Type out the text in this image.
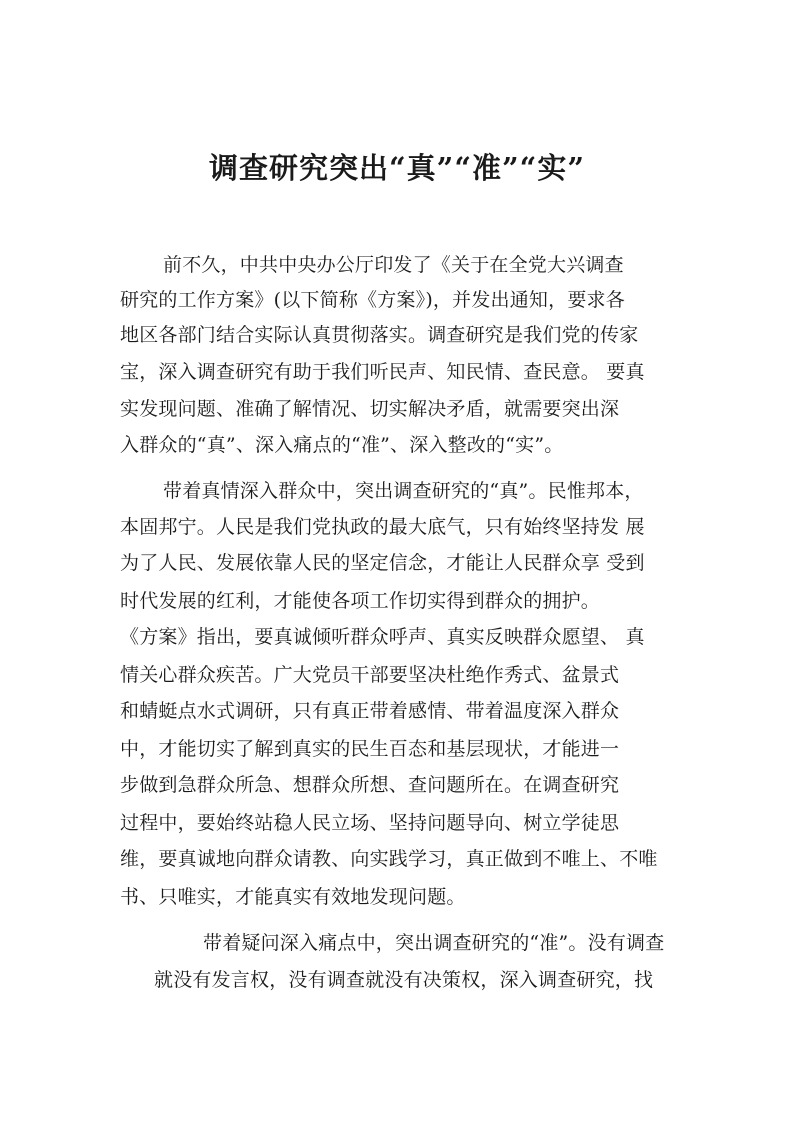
调查研究突出“真”“准”“实”

前不久，中共中央办公厅印发了《关于在全党大兴调查

研究的工作方案》(以下简称《方案》)，并发出通知，要求各

地区各部门结合实际认真贯彻落实。调查研究是我们党的传家

宝，深入调查研究有助于我们听民声、知民情、查民意。 要真

实发现问题、准确了解情况、切实解决矛盾，就需要突出深

入群众的“真”、深入痛点的“准”、深入整改的“实”。

带着真情深入群众中，突出调查研究的“真”。民惟邦本，

本固邦宁。人民是我们党执政的最大底气，只有始终坚持发 展

为了人民、发展依靠人民的坚定信念，才能让人民群众享 受到

时代发展的红利，才能使各项工作切实得到群众的拥护。

《方案》指出，要真诚倾听群众呼声、真实反映群众愿望、 真

情关心群众疾苦。广大党员干部要坚决杜绝作秀式、盆景式

和蜻蜓点水式调研，只有真正带着感情、带着温度深入群众

中，才能切实了解到真实的民生百态和基层现状，才能进一

步做到急群众所急、想群众所想、查问题所在。在调查研究

过程中，要始终站稳人民立场、坚持问题导向、树立学徒思

维，要真诚地向群众请教、向实践学习，真正做到不唯上、不唯

书、只唯实，才能真实有效地发现问题。

带着疑问深入痛点中，突出调查研究的“准”。没有调查

就没有发言权，没有调查就没有决策权，深入调查研究，找
